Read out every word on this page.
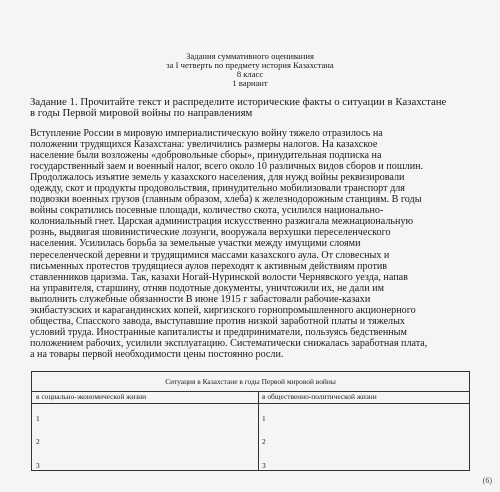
Задания суммативного оценивания
за I четверть по предмету история Казахстана
8 класс
1 вариант
Задание 1. Прочитайте текст и распределите исторические факты о ситуации в Казахстане
в годы Первой мировой войны по направлениям
Вступление России в мировую империалистическую войну тяжело отразилось на
положении трудящихся Казахстана: увеличились размеры налогов. На казахское
население были возложены «добровольные сборы», принудительная подписка на
государственный заем и военный налог, всего около 10 различных видов сборов и пошлин.
Продолжалось изъятие земель у казахского населения, для нужд войны реквизировали
одежду, скот и продукты продовольствия, принудительно мобилизовали транспорт для
подвозки военных грузов (главным образом, хлеба) к железнодорожным станциям. В годы
войны сократились посевные площади, количество скота, усилился национально-
колониальный гнет. Царская администрация искусственно разжигала межнациональную
рознь, выдвигая шовинистические лозунги, вооружала верхушки переселенческого
населения. Усилилась борьба за земельные участки между имущими слоями
переселенческой деревни и трудящимися массами казахского аула. От словесных и
письменных протестов трудящиеся аулов переходят к активным действиям против
ставленников царизма. Так, казахи Ногай-Нуринской волости Чернявского уезда, напав
на управителя, старшину, отняв подотные документы, уничтожили их, не дали им
выполнить служебные обязанности В июне 1915 г забастовали рабочие-казахи
экибастузских и карагандинских копей, киргизского горнопромышленного акционерного
общества, Спасского завода, выступавшие против низкой заработной платы и тяжелых
условий труда. Иностранные капиталисты и предприниматели, пользуясь бедственным
положением рабочих, усилили эксплуатацию. Систематически снижалась заработная плата,
а на товары первой необходимости цены постоянно росли.
Ситуация в Казахстане в годы Первой мировой войны
в социально-экономической жизни	в общественно-политической жизни
1
2
3
1
2
3
(6)
